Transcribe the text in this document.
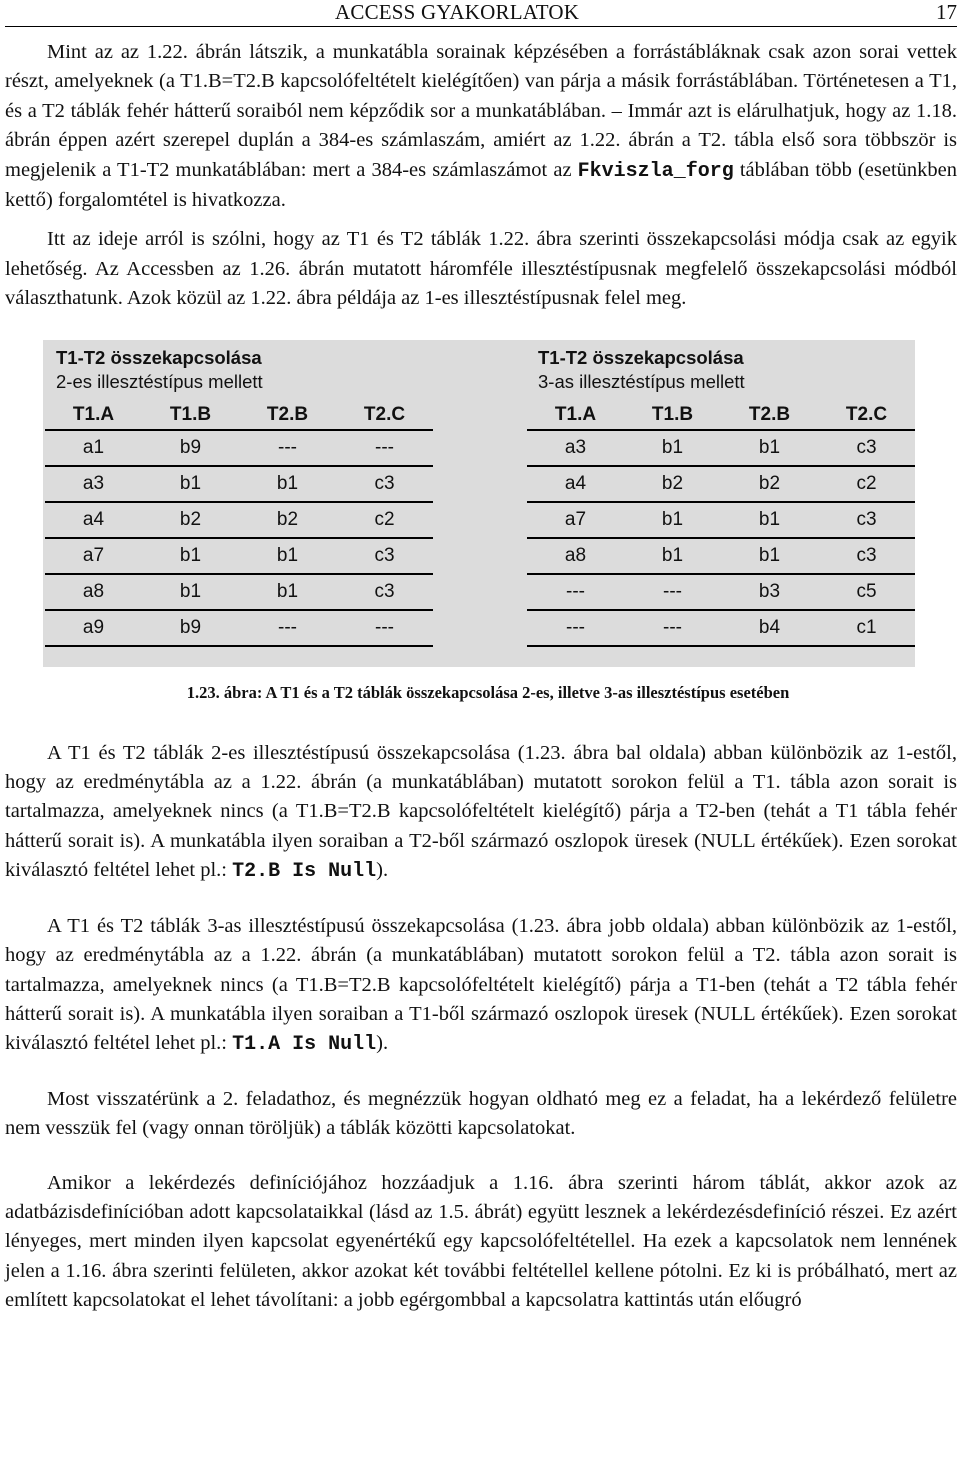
ACCESS GYAKORLATOK	17

Mint az az 1.22. ábrán látszik, a munkatábla sorainak képzésében a forrástábláknak csak azon sorai vettek részt, amelyeknek (a T1.B=T2.B kapcsolófeltételt kielégítően) van párja a másik forrástáblában. Történetesen a T1, és a T2 táblák fehér hátterű soraiból nem képződik sor a munkatáblában. – Immár azt is elárulhatjuk, hogy az 1.18. ábrán éppen azért szerepel duplán a 384-es számlaszám, amiért az 1.22. ábrán a T2. tábla első sora többször is megjelenik a T1-T2 munkatáblában: mert a 384-es számlaszámot az Fkviszla_forg táblában több (esetünkben kettő) forgalomtétel is hivatkozza.

Itt az ideje arról is szólni, hogy az T1 és T2 táblák 1.22. ábra szerinti összekapcsolási módja csak az egyik lehetőség. Az Accessben az 1.26. ábrán mutatott háromféle illesztéstípusnak megfelelő összekapcsolási módból választhatunk. Azok közül az 1.22. ábra példája az 1-es illesztéstípusnak felel meg.

T1-T2 összekapcsolása
2-es illesztéstípus mellett
T1.A	T1.B	T2.B	T2.C
a1	b9	---	---
a3	b1	b1	c3
a4	b2	b2	c2
a7	b1	b1	c3
a8	b1	b1	c3
a9	b9	---	---
T1-T2 összekapcsolása
3-as illesztéstípus mellett
T1.A	T1.B	T2.B	T2.C
a3	b1	b1	c3
a4	b2	b2	c2
a7	b1	b1	c3
a8	b1	b1	c3
---	---	b3	c5
---	---	b4	c1
1.23. ábra: A T1 és a T2 táblák összekapcsolása 2-es, illetve 3-as illesztéstípus esetében

A T1 és T2 táblák 2-es illesztéstípusú összekapcsolása (1.23. ábra bal oldala) abban különbözik az 1-estől, hogy az eredménytábla az a 1.22. ábrán (a munkatáblában) mutatott sorokon felül a T1. tábla azon sorait is tartalmazza, amelyeknek nincs (a T1.B=T2.B kapcsolófeltételt kielégítő) párja a T2-ben (tehát a T1 tábla fehér hátterű sorait is). A munkatábla ilyen soraiban a T2-ből származó oszlopok üresek (NULL értékűek). Ezen sorokat kiválasztó feltétel lehet pl.: T2.B Is Null).

A T1 és T2 táblák 3-as illesztéstípusú összekapcsolása (1.23. ábra jobb oldala) abban különbözik az 1-estől, hogy az eredménytábla az a 1.22. ábrán (a munkatáblában) mutatott sorokon felül a T2. tábla azon sorait is tartalmazza, amelyeknek nincs (a T1.B=T2.B kapcsolófeltételt kielégítő) párja a T1-ben (tehát a T2 tábla fehér hátterű sorait is). A munkatábla ilyen soraiban a T1-ből származó oszlopok üresek (NULL értékűek). Ezen sorokat kiválasztó feltétel lehet pl.: T1.A Is Null).

Most visszatérünk a 2. feladathoz, és megnézzük hogyan oldható meg ez a feladat, ha a lekérdező felületre nem vesszük fel (vagy onnan töröljük) a táblák közötti kapcsolatokat.

Amikor a lekérdezés definíciójához hozzáadjuk a 1.16. ábra szerinti három táblát, akkor azok az adatbázisdefinícióban adott kapcsolataikkal (lásd az 1.5. ábrát) együtt lesznek a lekérdezésdefiníció részei. Ez azért lényeges, mert minden ilyen kapcsolat egyenértékű egy kapcsolófeltétellel. Ha ezek a kapcsolatok nem lennének jelen a 1.16. ábra szerinti felületen, akkor azokat két további feltétellel kellene pótolni. Ez ki is próbálható, mert az említett kapcsolatokat el lehet távolítani: a jobb egérgombbal a kapcsolatra kattintás után előugró
